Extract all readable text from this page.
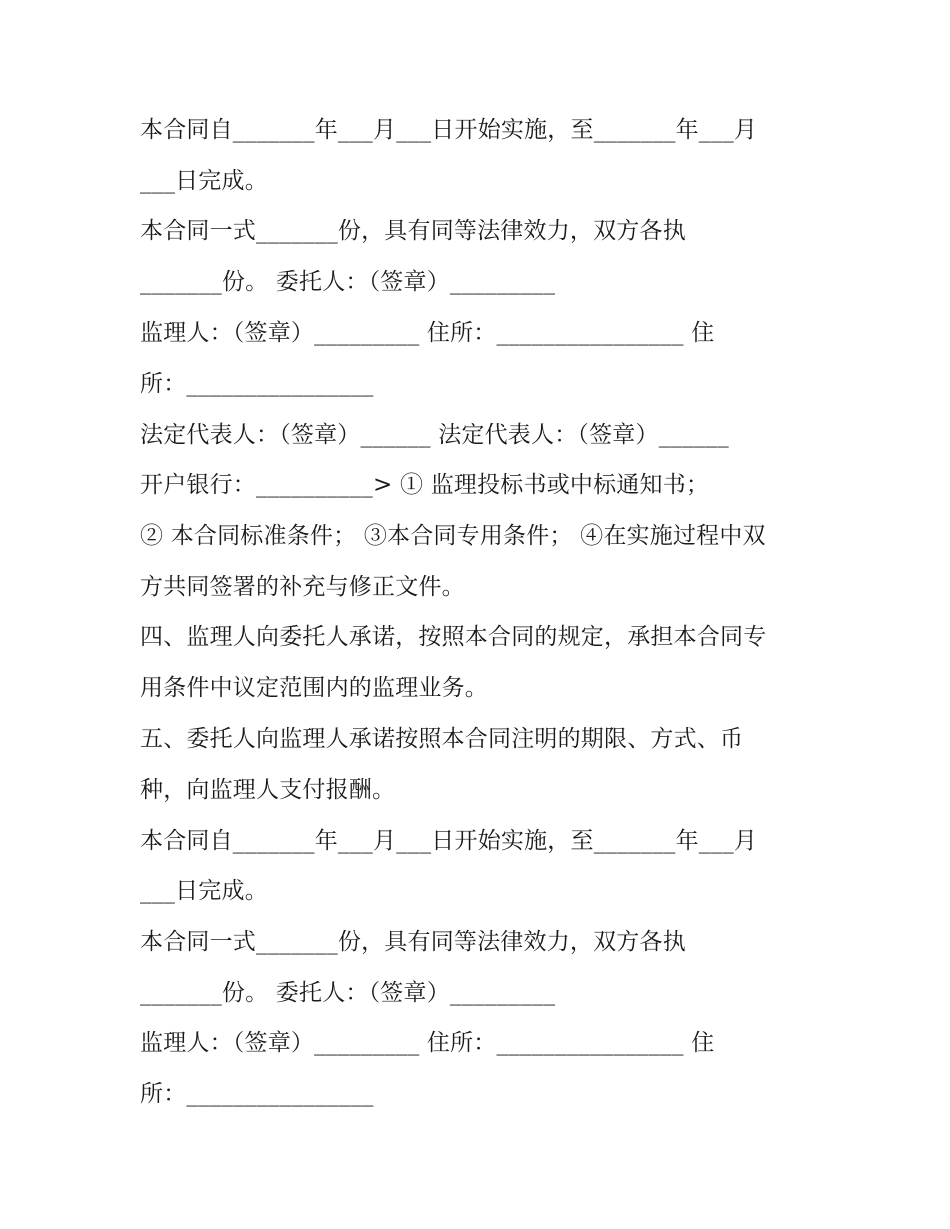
本合同自_______年___月___日开始实施，至_______年___月
___日完成。
本合同一式_______份，具有同等法律效力，双方各执
_______份。 委托人：（签章）_________
监理人：（签章）_________ 住所：________________ 住
所：________________
法定代表人：（签章）______ 法定代表人：（签章）______
开户银行：__________> ① 监理投标书或中标通知书；
② 本合同标准条件； ③本合同专用条件； ④在实施过程中双
方共同签署的补充与修正文件。
四、监理人向委托人承诺，按照本合同的规定，承担本合同专
用条件中议定范围内的监理业务。
五、委托人向监理人承诺按照本合同注明的期限、方式、币
种，向监理人支付报酬。
本合同自_______年___月___日开始实施，至_______年___月
___日完成。
本合同一式_______份，具有同等法律效力，双方各执
_______份。 委托人：（签章）_________
监理人：（签章）_________ 住所：________________ 住
所：________________
